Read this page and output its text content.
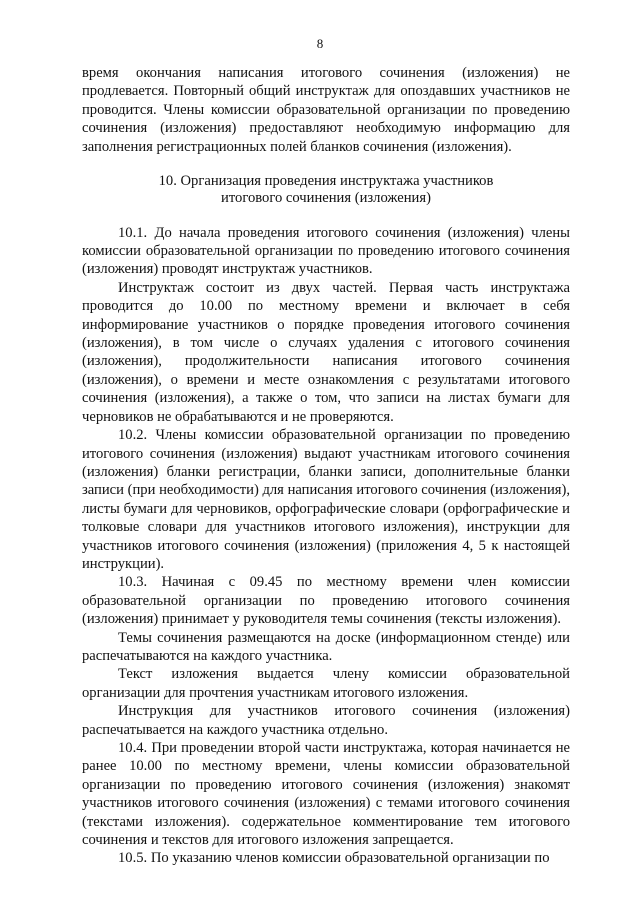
8

время окончания написания итогового сочинения (изложения) не продлевается. Повторный общий инструктаж для опоздавших участников не проводится. Члены комиссии образовательной организации по проведению сочинения (изложения) предоставляют необходимую информацию для заполнения регистрационных полей бланков сочинения (изложения).

10. Организация проведения инструктажа участников
итогового сочинения (изложения)

10.1. До начала проведения итогового сочинения (изложения) члены комиссии образовательной организации по проведению итогового сочинения (изложения) проводят инструктаж участников.

Инструктаж состоит из двух частей. Первая часть инструктажа проводится до 10.00 по местному времени и включает в себя информирование участников о порядке проведения итогового сочинения (изложения), в том числе о случаях удаления с итогового сочинения (изложения), продолжительности написания итогового сочинения (изложения), о времени и месте ознакомления с результатами итогового сочинения (изложения), а также о том, что записи на листах бумаги для черновиков не обрабатываются и не проверяются.

10.2. Члены комиссии образовательной организации по проведению итогового сочинения (изложения) выдают участникам итогового сочинения (изложения) бланки регистрации, бланки записи, дополнительные бланки записи (при необходимости) для написания итогового сочинения (изложения), листы бумаги для черновиков, орфографические словари (орфографические и толковые словари для участников итогового изложения), инструкции для участников итогового сочинения (изложения) (приложения 4, 5 к настоящей инструкции).

10.3. Начиная с 09.45 по местному времени член комиссии образовательной организации по проведению итогового сочинения (изложения) принимает у руководителя темы сочинения (тексты изложения).

Темы сочинения размещаются на доске (информационном стенде) или распечатываются на каждого участника.

Текст изложения выдается члену комиссии образовательной организации для прочтения участникам итогового изложения.

Инструкция для участников итогового сочинения (изложения) распечатывается на каждого участника отдельно.

10.4. При проведении второй части инструктажа, которая начинается не ранее 10.00 по местному времени, члены комиссии образовательной организации по проведению итогового сочинения (изложения) знакомят участников итогового сочинения (изложения) с темами итогового сочинения (текстами изложения). содержательное комментирование тем итогового сочинения и текстов для итогового изложения запрещается.

10.5. По указанию членов комиссии образовательной организации по
